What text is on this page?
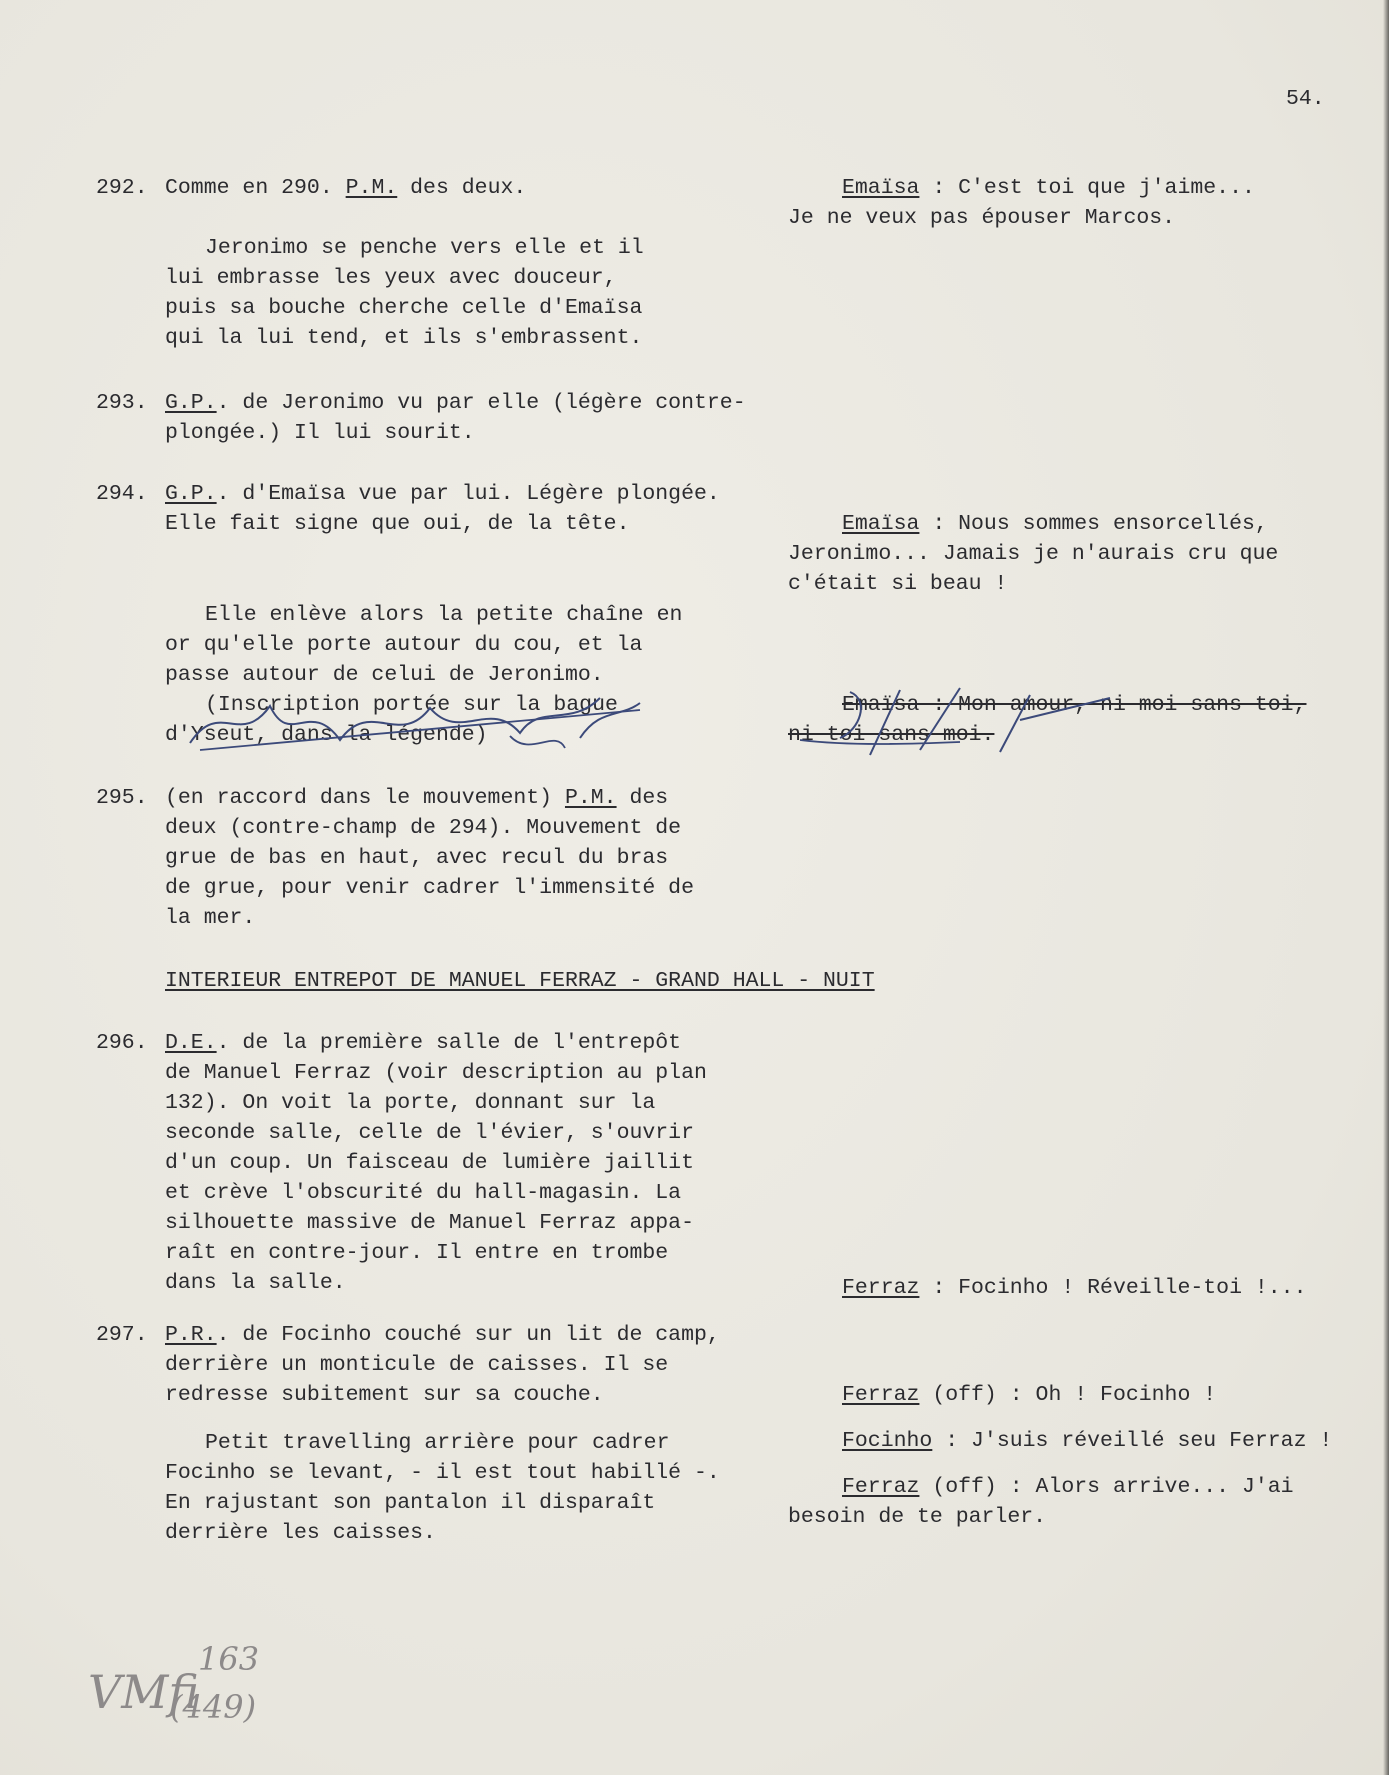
54.
292. Comme en 290. P.M. des deux.
Jeronimo se penche vers elle et il
lui embrasse les yeux avec douceur,
puis sa bouche cherche celle d'Emaïsa
qui la lui tend, et ils s'embrassent.
293. G.P.. de Jeronimo vu par elle (légère contre-
plongée.) Il lui sourit.
294. G.P.. d'Emaïsa vue par lui. Légère plongée.
Elle fait signe que oui, de la tête.
Elle enlève alors la petite chaîne en
or qu'elle porte autour du cou, et la
passe autour de celui de Jeronimo.
(Inscription portée sur la bague
d'Yseut, dans la légende)
295. (en raccord dans le mouvement) P.M. des
deux (contre-champ de 294). Mouvement de
grue de bas en haut, avec recul du bras
de grue, pour venir cadrer l'immensité de
la mer.
INTERIEUR ENTREPOT DE MANUEL FERRAZ - GRAND HALL - NUIT
296. D.E.. de la première salle de l'entrepôt
de Manuel Ferraz (voir description au plan
132). On voit la porte, donnant sur la
seconde salle, celle de l'évier, s'ouvrir
d'un coup. Un faisceau de lumière jaillit
et crève l'obscurité du hall-magasin. La
silhouette massive de Manuel Ferraz appa-
raît en contre-jour. Il entre en trombe
dans la salle.
297. P.R.. de Focinho couché sur un lit de camp,
derrière un monticule de caisses. Il se
redresse subitement sur sa couche.
Petit travelling arrière pour cadrer
Focinho se levant, - il est tout habillé -.
En rajustant son pantalon il disparaît
derrière les caisses.
Emaïsa : C'est toi que j'aime...
Je ne veux pas épouser Marcos.
Emaïsa : Nous sommes ensorcellés,
Jeronimo... Jamais je n'aurais cru que
c'était si beau !
Emaïsa : Mon amour, ni moi sans toi,
ni toi sans moi.
Ferraz : Focinho ! Réveille-toi !...
Ferraz (off) : Oh ! Focinho !
Focinho : J'suis réveillé seu Ferraz !
Ferraz (off) : Alors arrive... J'ai
besoin de te parler.
VMfi
163
(449)
